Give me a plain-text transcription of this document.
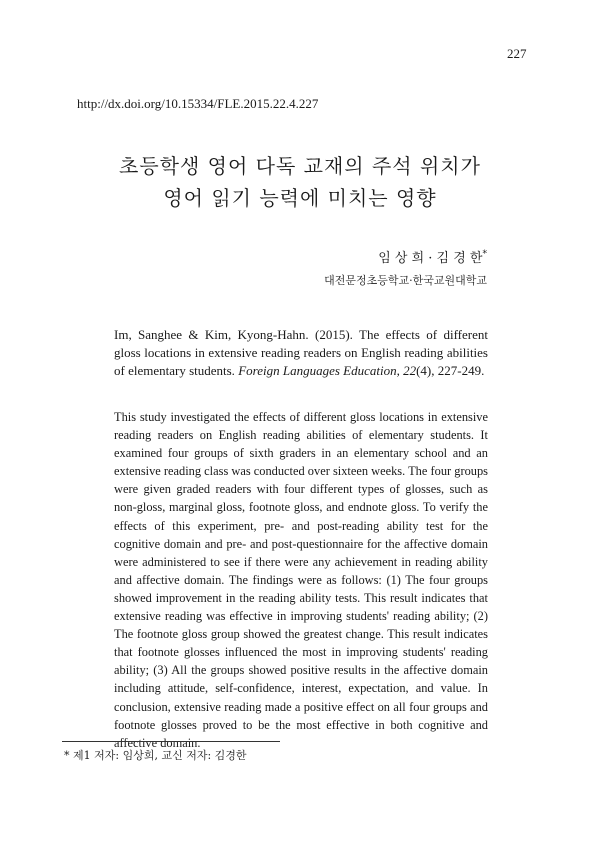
227
http://dx.doi.org/10.15334/FLE.2015.22.4.227
초등학생 영어 다독 교재의 주석 위치가
영어 읽기 능력에 미치는 영향
임 상 희 · 김 경 한*
대전문정초등학교·한국교원대학교
Im, Sanghee & Kim, Kyong-Hahn. (2015). The effects of different gloss locations in extensive reading readers on English reading abilities of elementary students. Foreign Languages Education, 22(4), 227-249.
This study investigated the effects of different gloss locations in extensive reading readers on English reading abilities of elementary students. It examined four groups of sixth graders in an elementary school and an extensive reading class was conducted over sixteen weeks. The four groups were given graded readers with four different types of glosses, such as non-gloss, marginal gloss, footnote gloss, and endnote gloss. To verify the effects of this experiment, pre- and post-reading ability test for the cognitive domain and pre- and post-questionnaire for the affective domain were administered to see if there were any achievement in reading ability and affective domain. The findings were as follows: (1) The four groups showed improvement in the reading ability tests. This result indicates that extensive reading was effective in improving students' reading ability; (2) The footnote gloss group showed the greatest change. This result indicates that footnote glosses influenced the most in improving students' reading ability; (3) All the groups showed positive results in the affective domain including attitude, self-confidence, interest, expectation, and value. In conclusion, extensive reading made a positive effect on all four groups and footnote glosses proved to be the most effective in both cognitive and affective domain.
* 제1 저자: 임상희, 교신 저자: 김경한
